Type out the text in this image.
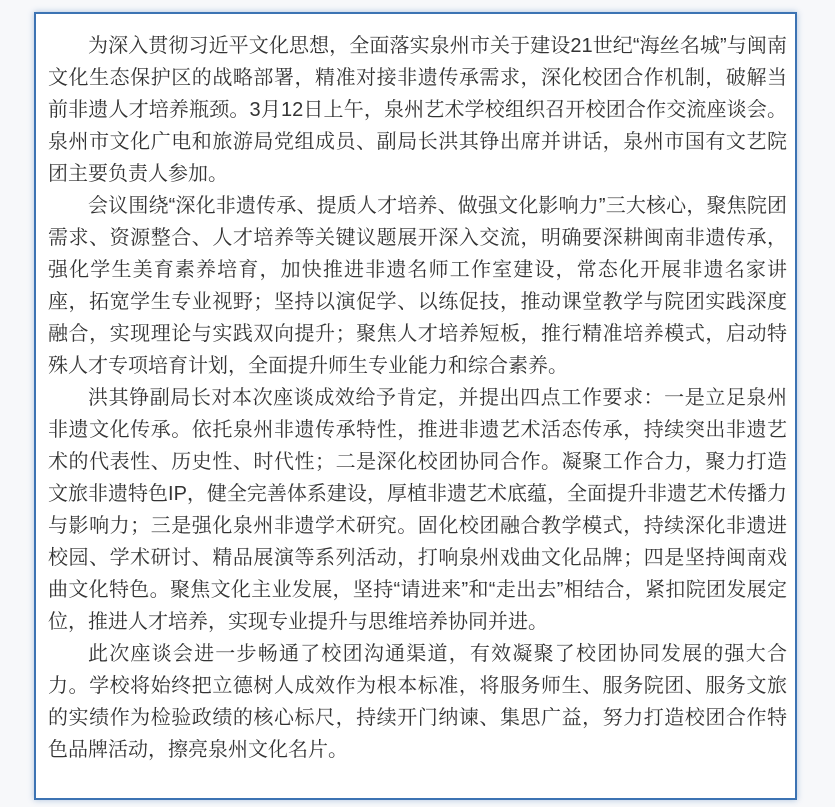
为深入贯彻习近平文化思想，全面落实泉州市关于建设21世纪“海丝名城”与闽南文化生态保护区的战略部署，精准对接非遗传承需求，深化校团合作机制，破解当前非遗人才培养瓶颈。3月12日上午，泉州艺术学校组织召开校团合作交流座谈会。泉州市文化广电和旅游局党组成员、副局长洪其铮出席并讲话，泉州市国有文艺院团主要负责人参加。

会议围绕“深化非遗传承、提质人才培养、做强文化影响力”三大核心，聚焦院团需求、资源整合、人才培养等关键议题展开深入交流，明确要深耕闽南非遗传承，强化学生美育素养培育，加快推进非遗名师工作室建设，常态化开展非遗名家讲座，拓宽学生专业视野；坚持以演促学、以练促技，推动课堂教学与院团实践深度融合，实现理论与实践双向提升；聚焦人才培养短板，推行精准培养模式，启动特殊人才专项培育计划，全面提升师生专业能力和综合素养。

洪其铮副局长对本次座谈成效给予肯定，并提出四点工作要求：一是立足泉州非遗文化传承。依托泉州非遗传承特性，推进非遗艺术活态传承，持续突出非遗艺术的代表性、历史性、时代性；二是深化校团协同合作。凝聚工作合力，聚力打造文旅非遗特色IP，健全完善体系建设，厚植非遗艺术底蕴，全面提升非遗艺术传播力与影响力；三是强化泉州非遗学术研究。固化校团融合教学模式，持续深化非遗进校园、学术研讨、精品展演等系列活动，打响泉州戏曲文化品牌；四是坚持闽南戏曲文化特色。聚焦文化主业发展，坚持“请进来”和“走出去”相结合，紧扣院团发展定位，推进人才培养，实现专业提升与思维培养协同并进。

此次座谈会进一步畅通了校团沟通渠道，有效凝聚了校团协同发展的强大合力。学校将始终把立德树人成效作为根本标准，将服务师生、服务院团、服务文旅的实绩作为检验政绩的核心标尺，持续开门纳谏、集思广益，努力打造校团合作特色品牌活动，擦亮泉州文化名片。
